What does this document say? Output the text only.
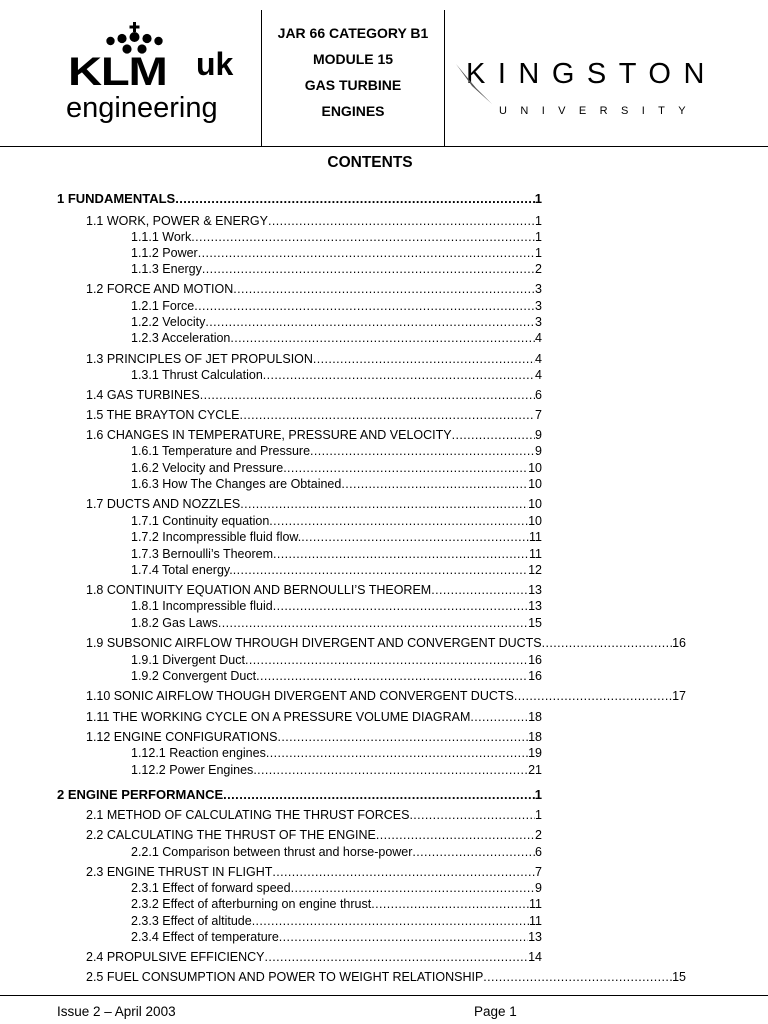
KLM uk
engineering
JAR 66 CATEGORY B1
MODULE 15
GAS TURBINE
ENGINES
KINGSTON
UNIVERSITY
CONTENTS
1 FUNDAMENTALS .....	1
1.1 WORK, POWER & ENERGY .....	1
1.1.1 Work .....	1
1.1.2 Power .....	1
1.1.3 Energy .....	2
1.2 FORCE AND MOTION .....	3
1.2.1 Force .....	3
1.2.2 Velocity .....	3
1.2.3 Acceleration .....	4
1.3 PRINCIPLES OF JET PROPULSION .....	4
1.3.1 Thrust Calculation .....	4
1.4 GAS TURBINES .....	6
1.5 THE BRAYTON CYCLE .....	7
1.6 CHANGES IN TEMPERATURE, PRESSURE AND VELOCITY .....	9
1.6.1 Temperature and Pressure .....	9
1.6.2 Velocity and Pressure .....	10
1.6.3 How The Changes are Obtained .....	10
1.7 DUCTS AND NOZZLES .....	10
1.7.1 Continuity equation .....	10
1.7.2 Incompressible fluid flow. .....	11
1.7.3 Bernoulli’s Theorem .....	11
1.7.4 Total energy. .....	12
1.8 CONTINUITY EQUATION AND BERNOULLI’S THEOREM .....	13
1.8.1 Incompressible fluid .....	13
1.8.2 Gas Laws .....	15
1.9 SUBSONIC AIRFLOW THROUGH DIVERGENT AND CONVERGENT DUCTS .....	16
1.9.1 Divergent Duct .....	16
1.9.2 Convergent Duct .....	16
1.10 SONIC AIRFLOW THOUGH DIVERGENT AND CONVERGENT DUCTS .....	17
1.11 THE WORKING CYCLE ON A PRESSURE VOLUME DIAGRAM .....	18
1.12 ENGINE CONFIGURATIONS .....	18
1.12.1 Reaction engines .....	19
1.12.2 Power Engines .....	21
2 ENGINE PERFORMANCE .....	1
2.1 METHOD OF CALCULATING THE THRUST FORCES .....	1
2.2 CALCULATING THE THRUST OF THE ENGINE .....	2
2.2.1 Comparison between thrust and horse-power .....	6
2.3 ENGINE THRUST IN FLIGHT .....	7
2.3.1 Effect of forward speed .....	9
2.3.2 Effect of afterburning on engine thrust .....	11
2.3.3 Effect of altitude .....	11
2.3.4 Effect of temperature .....	13
2.4 PROPULSIVE EFFICIENCY .....	14
2.5 FUEL CONSUMPTION AND POWER TO WEIGHT RELATIONSHIP .....	15
Issue 2 – April 2003	Page 1
